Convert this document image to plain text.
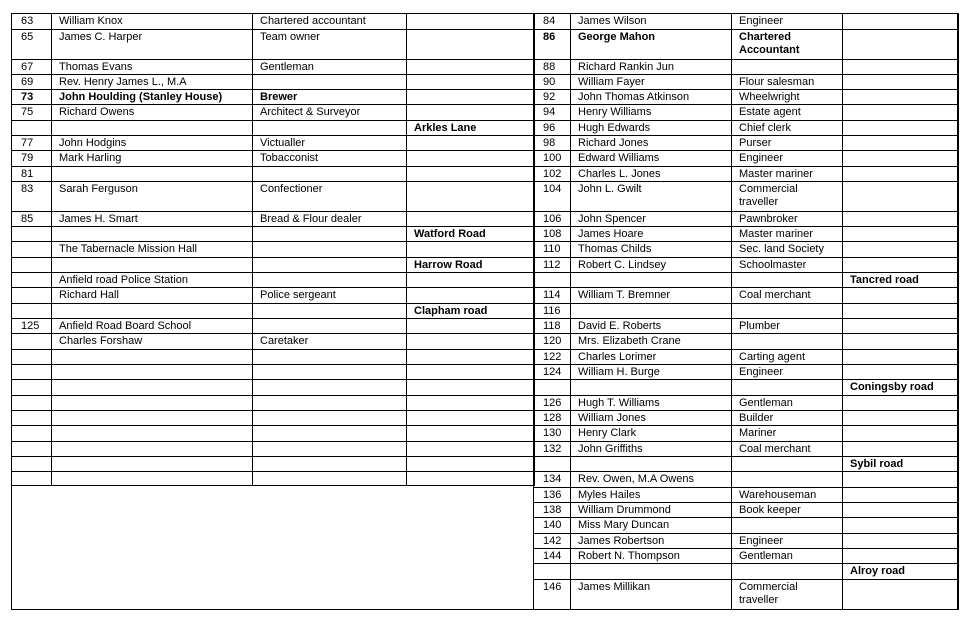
63	William Knox	Chartered accountant	
65	James C. Harper	Team owner	
67	Thomas Evans	Gentleman	
69	Rev. Henry James L., M.A		
73	John Houlding (Stanley House)	Brewer	
75	Richard Owens	Architect & Surveyor	
			Arkles Lane
77	John Hodgins	Victualler	
79	Mark Harling	Tobacconist	
81			
83	Sarah Ferguson	Confectioner	
85	James H. Smart	Bread & Flour dealer	
			Watford Road
	The Tabernacle Mission Hall		
			Harrow Road
	Anfield road Police Station		
	Richard Hall	Police sergeant	
			Clapham road
125	Anfield Road Board School		
	Charles Forshaw	Caretaker	

84	James Wilson	Engineer	
86	George Mahon	Chartered Accountant	
88	Richard Rankin Jun		
90	William Fayer	Flour salesman	
92	John Thomas Atkinson	Wheelwright	
94	Henry Williams	Estate agent	
96	Hugh Edwards	Chief clerk	
98	Richard Jones	Purser	
100	Edward Williams	Engineer	
102	Charles L. Jones	Master mariner	
104	John L. Gwilt	Commercial traveller	
106	John Spencer	Pawnbroker	
108	James Hoare	Master mariner	
110	Thomas Childs	Sec. land Society	
112	Robert C. Lindsey	Schoolmaster	
			Tancred road
114	William T. Bremner	Coal merchant	
116			
118	David E. Roberts	Plumber	
120	Mrs. Elizabeth Crane		
122	Charles Lorimer	Carting agent	
124	William H. Burge	Engineer	
			Coningsby road
126	Hugh T. Williams	Gentleman	
128	William Jones	Builder	
130	Henry Clark	Mariner	
132	John Griffiths	Coal merchant	
			Sybil road
134	Rev. Owen, M.A Owens		
136	Myles Hailes	Warehouseman	
138	William Drummond	Book keeper	
140	Miss Mary Duncan		
142	James Robertson	Engineer	
144	Robert N. Thompson	Gentleman	
			Alroy road
146	James Millikan	Commercial traveller	
